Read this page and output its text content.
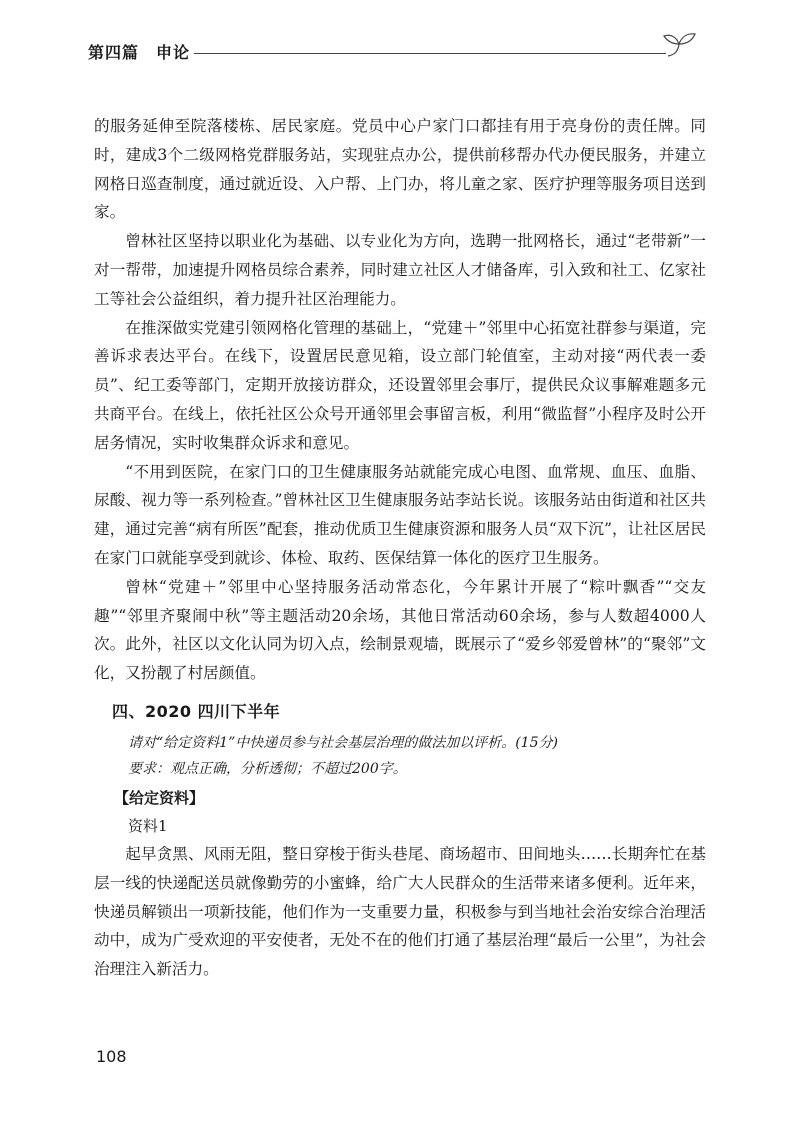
第四篇　申论

的服务延伸至院落楼栋、居民家庭。党员中心户家门口都挂有用于亮身份的责任牌。同时，建成3个二级网格党群服务站，实现驻点办公，提供前移帮办代办便民服务，并建立网格日巡查制度，通过就近设、入户帮、上门办，将儿童之家、医疗护理等服务项目送到家。

曾林社区坚持以职业化为基础、以专业化为方向，选聘一批网格长，通过“老带新”一对一帮带，加速提升网格员综合素养，同时建立社区人才储备库，引入致和社工、亿家社工等社会公益组织，着力提升社区治理能力。

在推深做实党建引领网格化管理的基础上，“党建＋”邻里中心拓宽社群参与渠道，完善诉求表达平台。在线下，设置居民意见箱，设立部门轮值室，主动对接“两代表一委员”、纪工委等部门，定期开放接访群众，还设置邻里会事厅，提供民众议事解难题多元共商平台。在线上，依托社区公众号开通邻里会事留言板，利用“微监督”小程序及时公开居务情况，实时收集群众诉求和意见。

“不用到医院，在家门口的卫生健康服务站就能完成心电图、血常规、血压、血脂、尿酸、视力等一系列检查。”曾林社区卫生健康服务站李站长说。该服务站由街道和社区共建，通过完善“病有所医”配套，推动优质卫生健康资源和服务人员“双下沉”，让社区居民在家门口就能享受到就诊、体检、取药、医保结算一体化的医疗卫生服务。

曾林“党建＋”邻里中心坚持服务活动常态化，今年累计开展了“粽叶飘香”“交友趣”“邻里齐聚闹中秋”等主题活动20余场，其他日常活动60余场，参与人数超4000人次。此外，社区以文化认同为切入点，绘制景观墙，既展示了“爱乡邻爱曾林”的“聚邻”文化，又扮靓了村居颜值。

四、2020 四川下半年

请对“给定资料1”中快递员参与社会基层治理的做法加以评析。(15分)

要求：观点正确，分析透彻；不超过200字。

【给定资料】
资料1

起早贪黑、风雨无阻，整日穿梭于街头巷尾、商场超市、田间地头……长期奔忙在基层一线的快递配送员就像勤劳的小蜜蜂，给广大人民群众的生活带来诸多便利。近年来，快递员解锁出一项新技能，他们作为一支重要力量，积极参与到当地社会治安综合治理活动中，成为广受欢迎的平安使者，无处不在的他们打通了基层治理“最后一公里”，为社会治理注入新活力。

108
